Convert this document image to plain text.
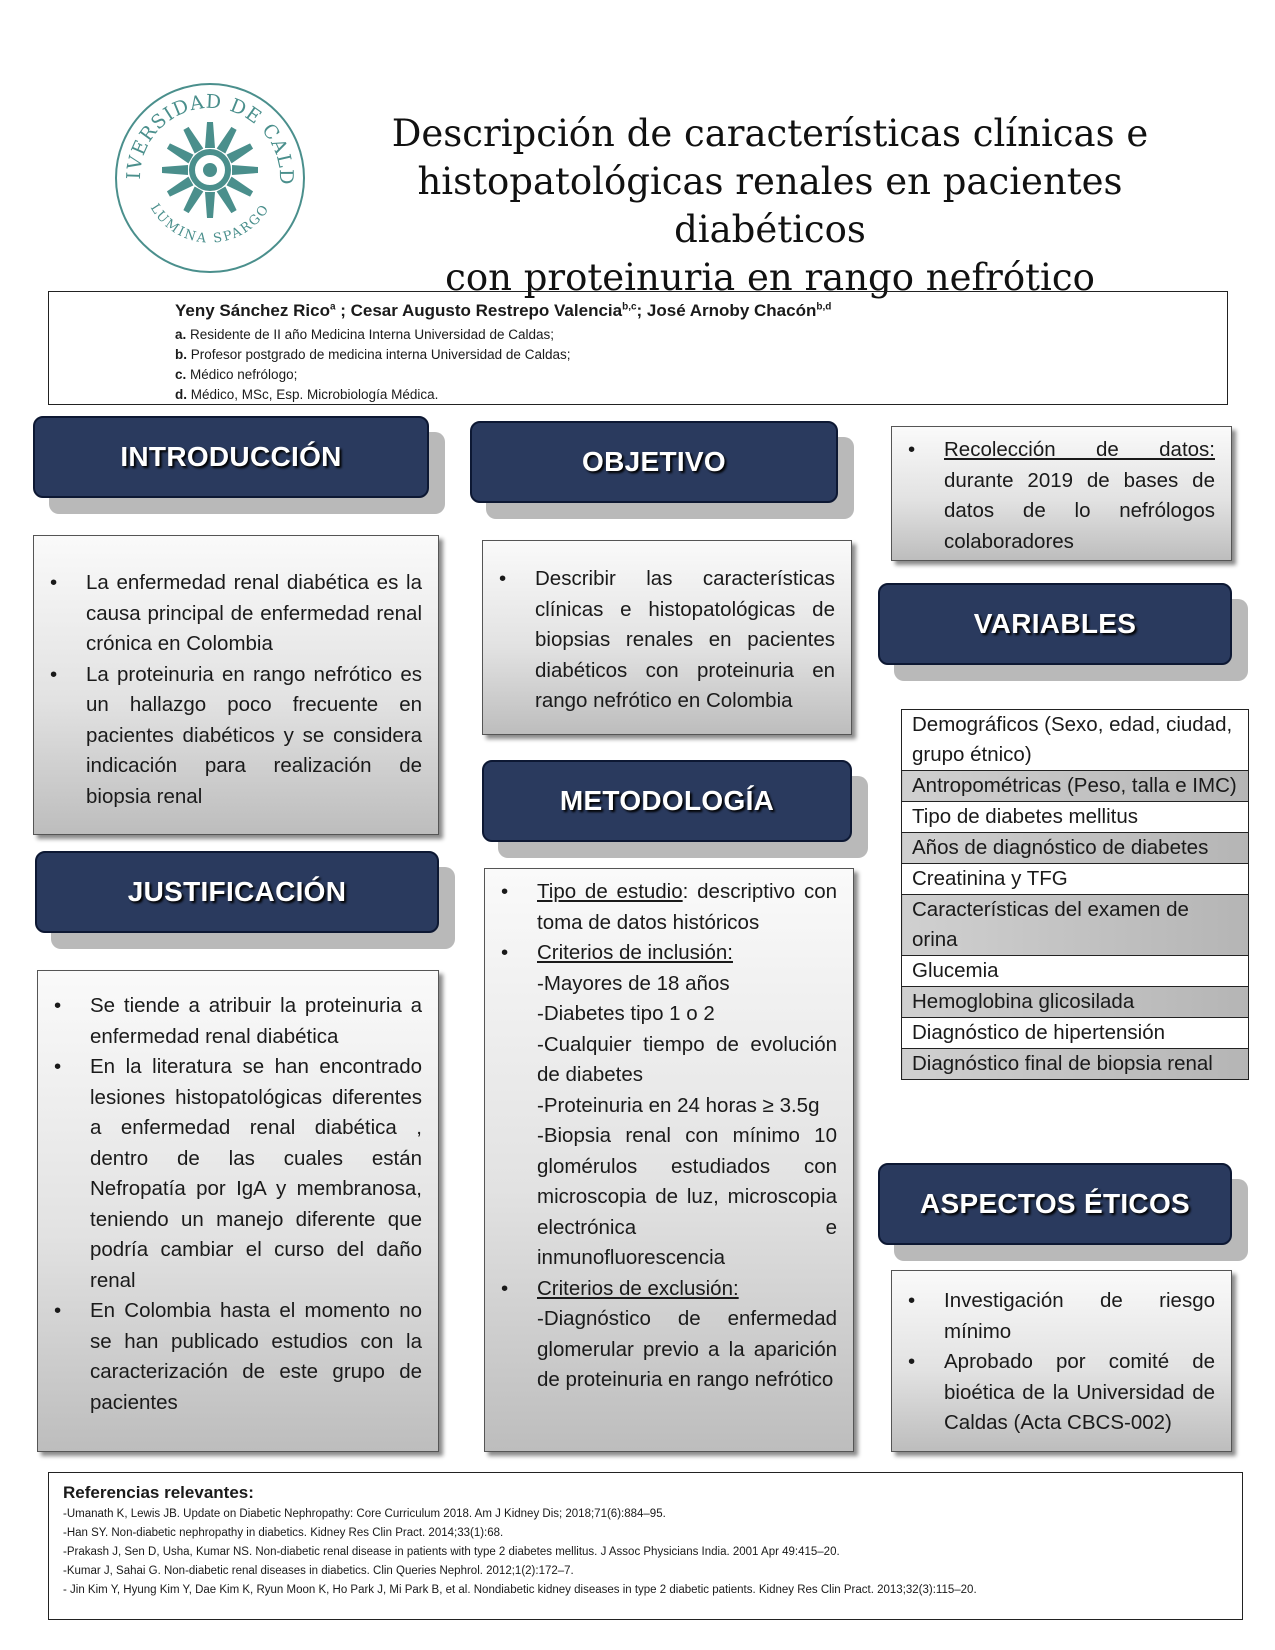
IVERSIDAD DE CALD
LUMINA SPARGO
Descripción de características clínicas e
histopatológicas renales en pacientes diabéticos
con proteinuria en rango nefrótico

Yeny Sánchez Rico$^a$ ; Cesar Augusto Restrepo Valencia$^{b,c}$; José Arnoby Chacón$^{b,d}$

a. Residente de II año Medicina Interna Universidad de Caldas;

b. Profesor postgrado de medicina interna Universidad de Caldas;

c. Médico nefrólogo;

d. Médico, MSc, Esp. Microbiología Médica.

INTRODUCCIÓN	OBJETIVO
JUSTIFICACIÓN
METODOLOGÍA
VARIABLES
ASPECTOS ÉTICOS
• La enfermedad renal diabética es la causa principal de enfermedad renal crónica en Colombia
• La proteinuria en rango nefrótico es un hallazgo poco frecuente en pacientes diabéticos y se considera indicación para realización de biopsia renal
• Describir las características clínicas e histopatológicas de biopsias renales en pacientes diabéticos con proteinuria en rango nefrótico en Colombia
• Se tiende a atribuir la proteinuria a enfermedad renal diabética
• En la literatura se han encontrado lesiones histopatológicas diferentes a enfermedad renal diabética , dentro de las cuales están Nefropatía por IgA y membranosa, teniendo un manejo diferente que podría cambiar el curso del daño renal
• En Colombia hasta el momento no se han publicado estudios con la caracterización de este grupo de pacientes
• Tipo de estudio: descriptivo con toma de datos históricos
• Criterios de inclusión:
-Mayores de 18 años
-Diabetes tipo 1 o 2
-Cualquier tiempo de evolución de diabetes
-Proteinuria en 24 horas ≥ 3.5g
-Biopsia renal con mínimo 10 glomérulos estudiados con microscopia de luz, microscopia electrónica e inmunofluorescencia
• Criterios de exclusión:
-Diagnóstico de enfermedad glomerular previo a la aparición de proteinuria en rango nefrótico
• Recolección de datos: durante 2019 de bases de datos de lo nefrólogos colaboradores
Demográficos (Sexo, edad, ciudad, grupo étnico)
Antropométricas (Peso, talla e IMC)
Tipo de diabetes mellitus
Años de diagnóstico de diabetes
Creatinina y TFG
Características del examen de orina
Glucemia
Hemoglobina glicosilada
Diagnóstico de hipertensión
Diagnóstico final de biopsia renal
• Investigación de riesgo mínimo
• Aprobado por comité de bioética de la Universidad de Caldas (Acta CBCS-002)
Referencias relevantes:
-Umanath K, Lewis JB. Update on Diabetic Nephropathy: Core Curriculum 2018. Am J Kidney Dis; 2018;71(6):884–95.
-Han SY. Non-diabetic nephropathy in diabetics. Kidney Res Clin Pract. 2014;33(1):68.
-Prakash J, Sen D, Usha, Kumar NS. Non-diabetic renal disease in patients with type 2 diabetes mellitus. J Assoc Physicians India. 2001 Apr 49:415–20.
-Kumar J, Sahai G. Non-diabetic renal diseases in diabetics. Clin Queries Nephrol. 2012;1(2):172–7.
- Jin Kim Y, Hyung Kim Y, Dae Kim K, Ryun Moon K, Ho Park J, Mi Park B, et al. Nondiabetic kidney diseases in type 2 diabetic patients. Kidney Res Clin Pract. 2013;32(3):115–20.
